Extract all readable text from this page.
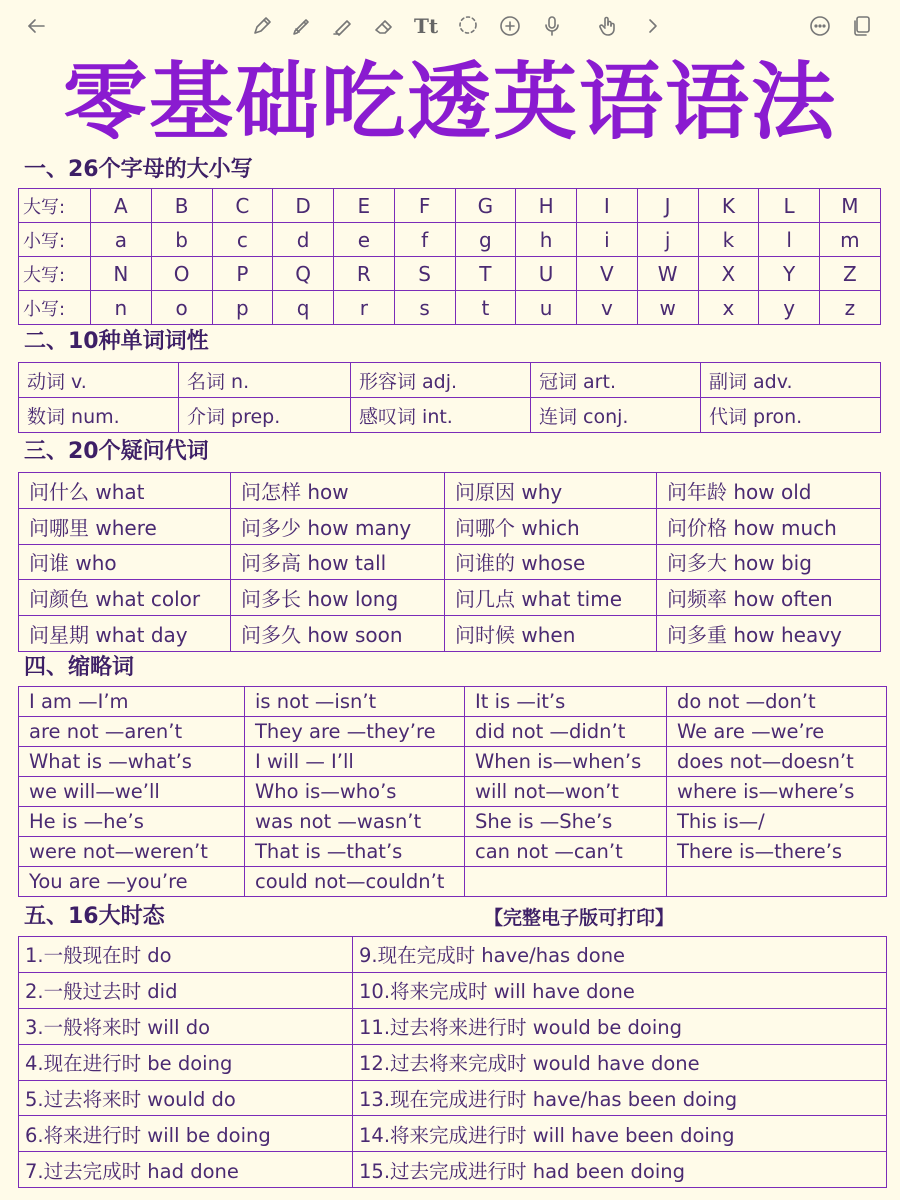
Tt
零基础吃透英语语法
一、26个字母的大小写
大写:	A	B	C	D	E	F	G	H	I	J	K	L	M
小写:	a	b	c	d	e	f	g	h	i	j	k	l	m
大写:	N	O	P	Q	R	S	T	U	V	W	X	Y	Z
小写:	n	o	p	q	r	s	t	u	v	w	x	y	z
二、10种单词词性
动词 v.	名词 n.	形容词 adj.	冠词 art.	副词 adv.
数词 num.	介词 prep.	感叹词 int.	连词 conj.	代词 pron.
三、20个疑问代词
问什么 what	问怎样 how	问原因 why	问年龄 how old
问哪里 where	问多少 how many	问哪个 which	问价格 how much
问谁 who	问多高 how tall	问谁的 whose	问多大 how big
问颜色 what color	问多长 how long	问几点 what time	问频率 how often
问星期 what day	问多久 how soon	问时候 when	问多重 how heavy
四、缩略词
I am —I’m	is not —isn’t	It is —it’s	do not —don’t
are not —aren’t	They are —they’re	did not —didn’t	We are —we’re
What is —what’s	I will — I’ll	When is—when’s	does not—doesn’t
we will—we’ll	Who is—who’s	will not—won’t	where is—where’s
He is —he’s	was not —wasn’t	She is —She’s	This is—/
were not—weren’t	That is —that’s	can not —can’t	There is—there’s
You are —you’re	could not—couldn’t		
五、16大时态	【完整电子版可打印】
1.一般现在时 do	9.现在完成时 have/has done
2.一般过去时 did	10.将来完成时 will have done
3.一般将来时 will do	11.过去将来进行时 would be doing
4.现在进行时 be doing	12.过去将来完成时 would have done
5.过去将来时 would do	13.现在完成进行时 have/has been doing
6.将来进行时 will be doing	14.将来完成进行时 will have been doing
7.过去完成时 had done	15.过去完成进行时 had been doing
